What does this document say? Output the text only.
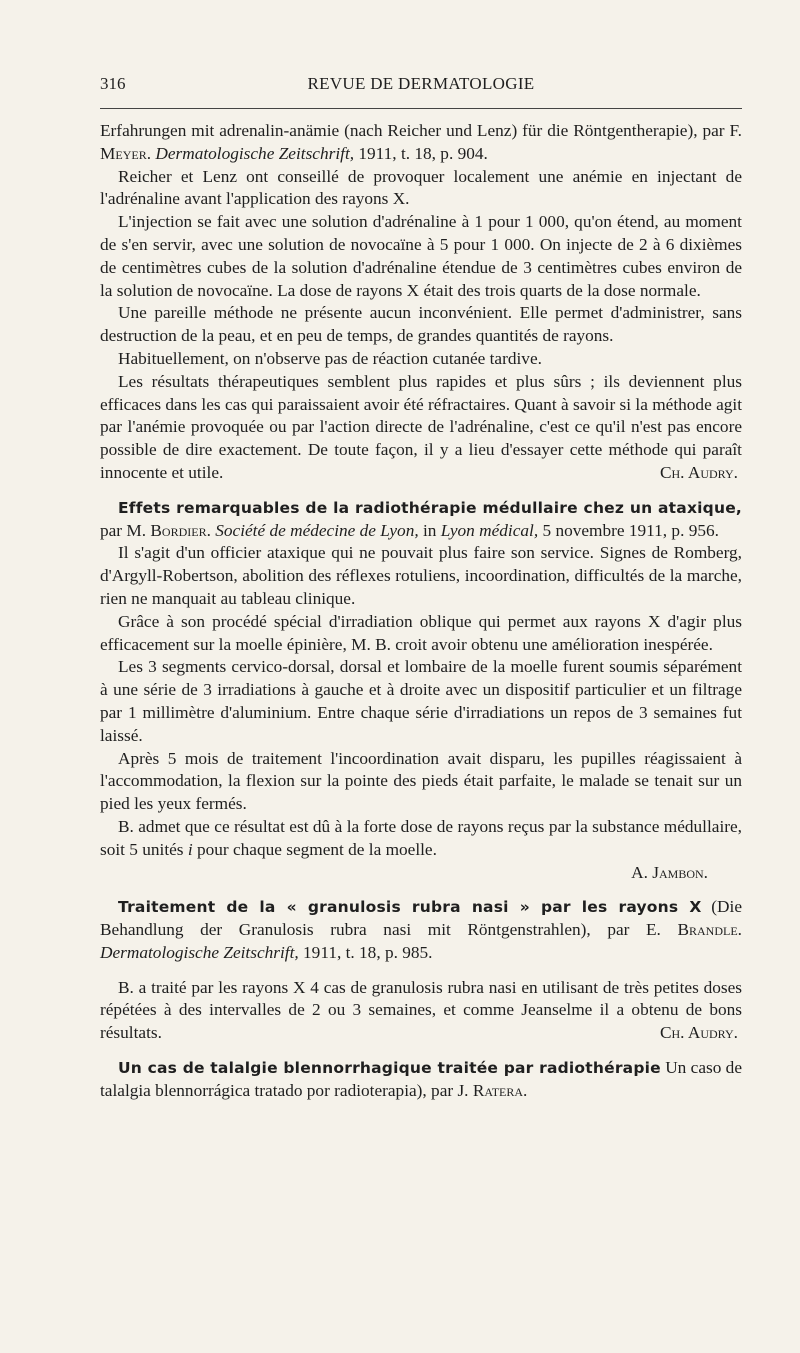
316	REVUE DE DERMATOLOGIE

Erfahrungen mit adrenalin-anämie (nach Reicher und Lenz) für die Röntgentherapie), par F. Meyer. Dermatologische Zeitschrift, 1911, t. 18, p. 904.

Reicher et Lenz ont conseillé de provoquer localement une anémie en injectant de l'adrénaline avant l'application des rayons X.

L'injection se fait avec une solution d'adrénaline à 1 pour 1 000, qu'on étend, au moment de s'en servir, avec une solution de novocaïne à 5 pour 1 000. On injecte de 2 à 6 dixièmes de centimètres cubes de la solution d'adrénaline étendue de 3 centimètres cubes environ de la solution de novocaïne. La dose de rayons X était des trois quarts de la dose normale.

Une pareille méthode ne présente aucun inconvénient. Elle permet d'administrer, sans destruction de la peau, et en peu de temps, de grandes quantités de rayons.

Habituellement, on n'observe pas de réaction cutanée tardive.

Les résultats thérapeutiques semblent plus rapides et plus sûrs ; ils deviennent plus efficaces dans les cas qui paraissaient avoir été réfractaires. Quant à savoir si la méthode agit par l'anémie provoquée ou par l'action directe de l'adrénaline, c'est ce qu'il n'est pas encore possible de dire exactement. De toute façon, il y a lieu d'essayer cette méthode qui paraît innocente et utile.	Ch. Audry.

Effets remarquables de la radiothérapie médullaire chez un ataxique, par M. Bordier. Société de médecine de Lyon, in Lyon médical, 5 novembre 1911, p. 956.

Il s'agit d'un officier ataxique qui ne pouvait plus faire son service. Signes de Romberg, d'Argyll-Robertson, abolition des réflexes rotuliens, incoordination, difficultés de la marche, rien ne manquait au tableau clinique.

Grâce à son procédé spécial d'irradiation oblique qui permet aux rayons X d'agir plus efficacement sur la moelle épinière, M. B. croit avoir obtenu une amélioration inespérée.

Les 3 segments cervico-dorsal, dorsal et lombaire de la moelle furent soumis séparément à une série de 3 irradiations à gauche et à droite avec un dispositif particulier et un filtrage par 1 millimètre d'aluminium. Entre chaque série d'irradiations un repos de 3 semaines fut laissé.

Après 5 mois de traitement l'incoordination avait disparu, les pupilles réagissaient à l'accommodation, la flexion sur la pointe des pieds était parfaite, le malade se tenait sur un pied les yeux fermés.

B. admet que ce résultat est dû à la forte dose de rayons reçus par la substance médullaire, soit 5 unités i pour chaque segment de la moelle.

A. Jambon.

Traitement de la « granulosis rubra nasi » par les rayons X (Die Behandlung der Granulosis rubra nasi mit Röntgenstrahlen), par E. Brandle. Dermatologische Zeitschrift, 1911, t. 18, p. 985.

B. a traité par les rayons X 4 cas de granulosis rubra nasi en utilisant de très petites doses répétées à des intervalles de 2 ou 3 semaines, et comme Jeanselme il a obtenu de bons résultats.	Ch. Audry.

Un cas de talalgie blennorrhagique traitée par radiothérapie Un caso de talalgia blennorrágica tratado por radioterapia), par J. Ratera.
